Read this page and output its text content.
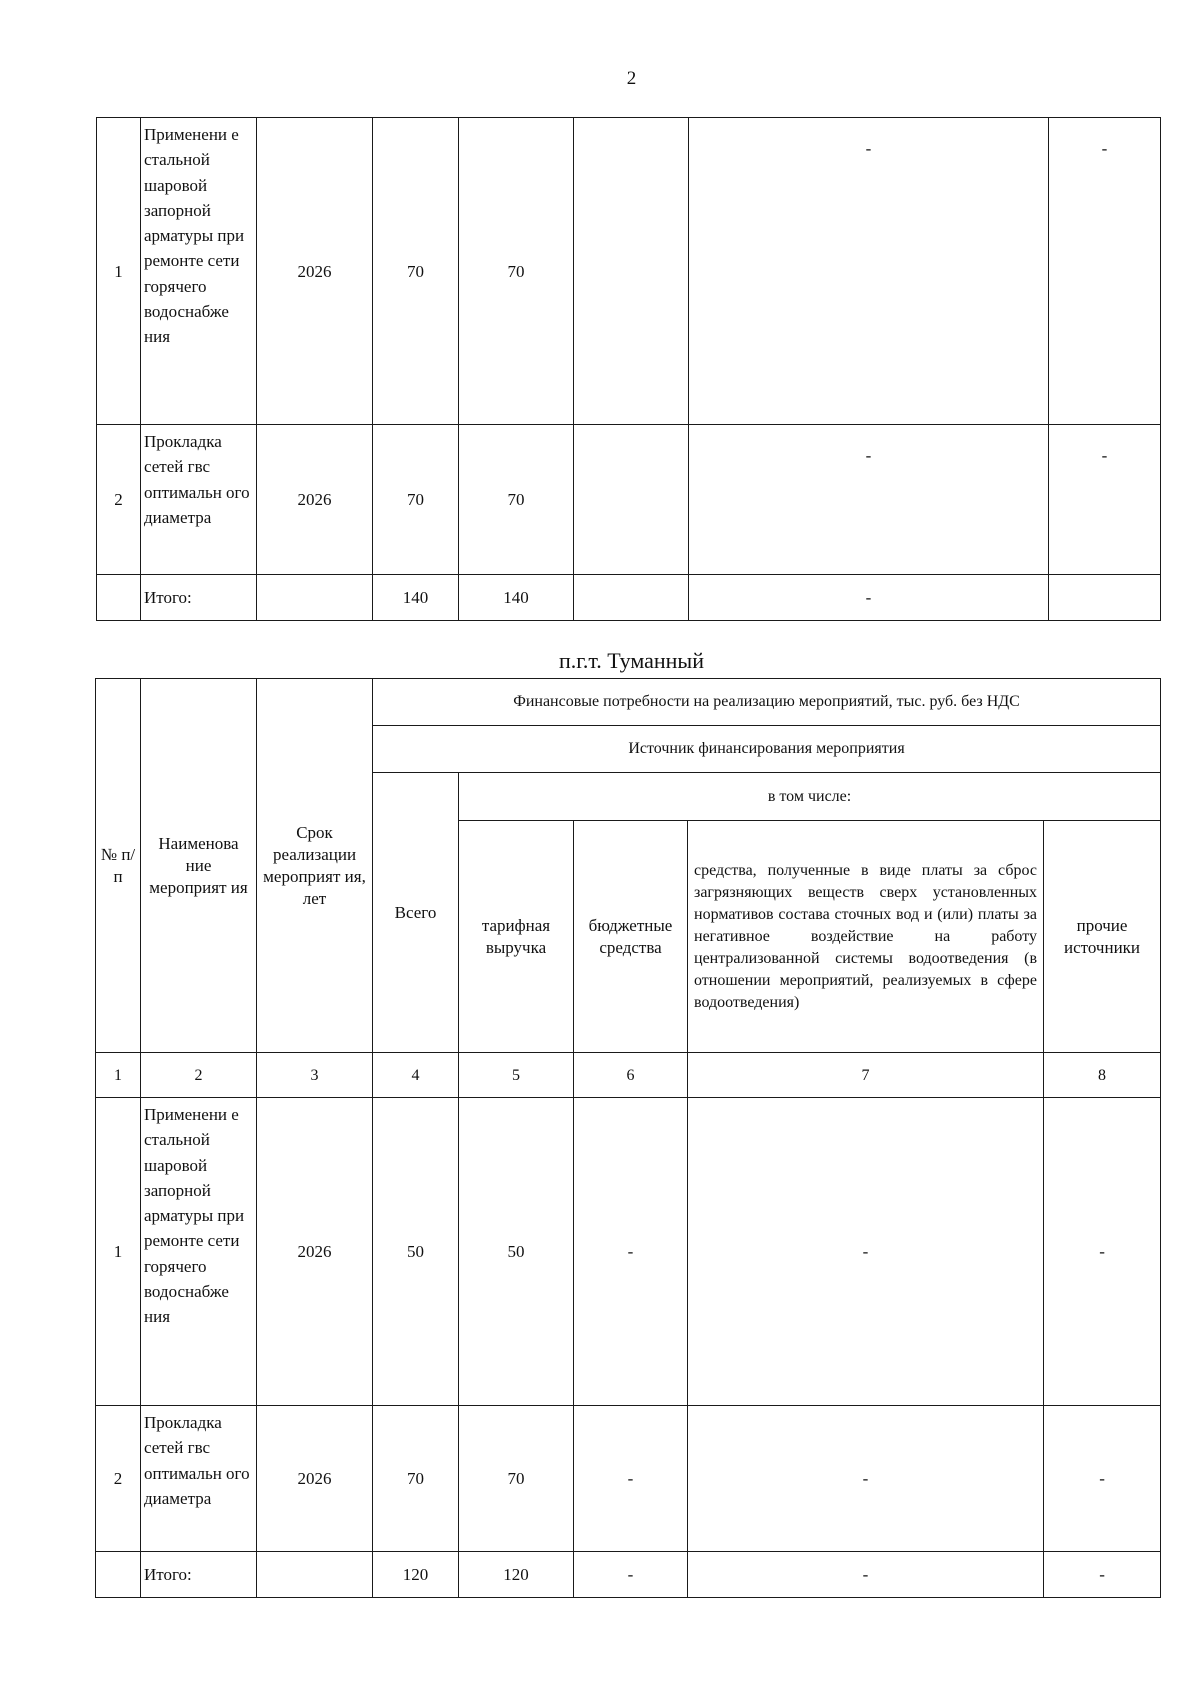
2
1	Применени е стальной шаровой запорной арматуры при ремонте сети горячего водоснабже ния	2026	70	70		-	-
2	Прокладка сетей гвс оптимальн ого диаметра	2026	70	70		-	-
	Итого:		140	140		-	
п.г.т. Туманный
№ п/п	Наименова ние мероприят ия	Срок реализации мероприят ия, лет	Финансовые потребности на реализацию мероприятий, тыс. руб. без НДС				
			Источник финансирования мероприятия				
			Всего	в том числе:			
				тарифная выручка	бюджетные средства	средства, полученные в виде платы за сброс загрязняющих веществ сверх установленных нормативов состава сточных вод и (или) платы за негативное воздействие на работу централизованной системы водоотведения (в отношении мероприятий, реализуемых в сфере водоотведения)	прочие источники
1	2	3	4	5	6	7	8
1	Применени е стальной шаровой запорной арматуры при ремонте сети горячего водоснабже ния	2026	50	50	-	-	-
2	Прокладка сетей гвс оптимальн ого диаметра	2026	70	70	-	-	-
	Итого:		120	120	-	-	-
